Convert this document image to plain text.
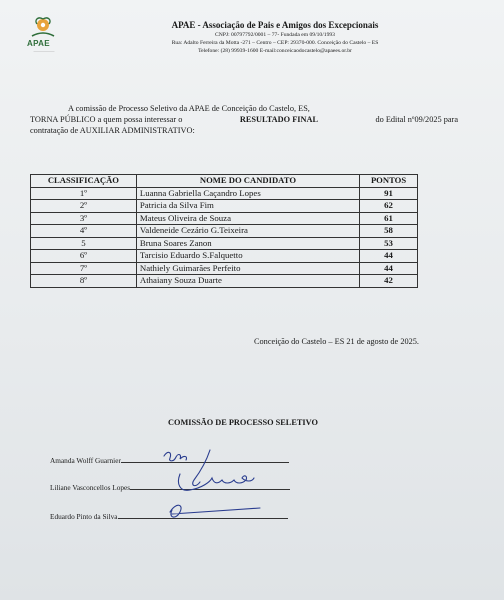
APAE
―――――――
APAE - Associação de Pais e Amigos dos Excepcionais
CNPJ: 00797792/0001 – 77- Fundada em 09/10/1993
Rua: Adalto Ferreira da Motta -271 – Centro – CEP: 29370-000. Conceição do Castelo – ES
Telefone: (28) 99939-1600 E-mail:conceicaodocastelo@apaees.or.br

A comissão de Processo Seletivo da APAE de Conceição do Castelo, ES,

TORNA PÚBLICO a quem possa interessar o	RESULTADO FINAL	do Edital nº09/2025 para

contratação de AUXILIAR ADMINISTRATIVO:

CLASSIFICAÇÃO	NOME DO CANDIDATO	PONTOS
1º	Luanna Gabriella Caçandro Lopes	91
2º	Patricia da Silva Fim	62
3º	Mateus Oliveira de Souza	61
4º	Valdeneide Cezário G.Teixeira	58
5	Bruna Soares Zanon	53
6º	Tarcisio Eduardo S.Falquetto	44
7º	Nathiely Guimarães Perfeito	44
8º	Athaiany Souza Duarte	42
Conceição do Castelo – ES 21 de agosto de 2025.
COMISSÃO DE PROCESSO SELETIVO
Amanda Wolff Guarnier
Liliane Vasconcellos Lopes
Eduardo Pinto da Silva
